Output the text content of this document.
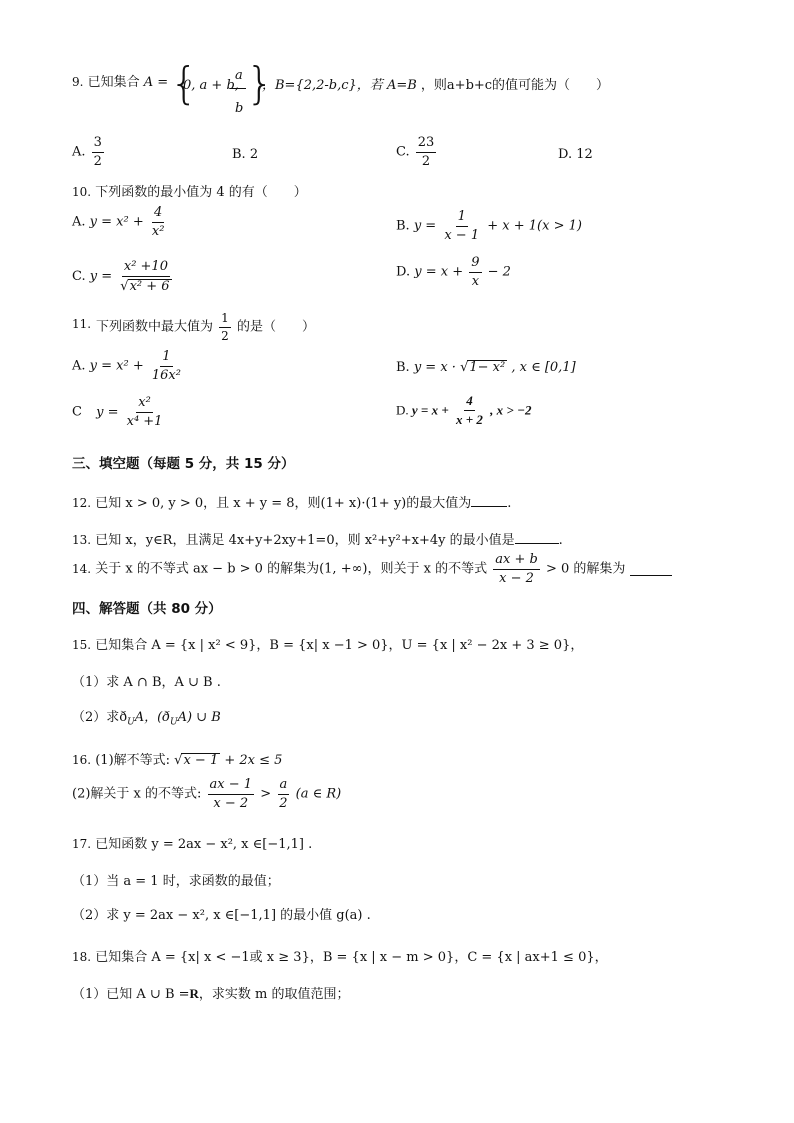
9. 已知集合 A = {
0, a + b,
a
b }
，B={2,2-b,c}，若 A=B ，则a+b+c的值可能为（　　）
A. $\frac{3}{2}$	B. 2	C. $\frac{23}{2}$	D. 12
10. 下列函数的最小值为 4 的有（　　）
A. $y = x^2 + \frac{4}{\text{x²}}$	B. $y = \frac{1}{x - 1} + x + 1(x > 1)$
C. $y = \frac{\text{x² +10}}{\text{√x² + 6}}$	D. $y = x + \frac{9}{x} - 2$
11. 下列函数中最大值为 $\frac{1}{2}$ 的是（　　）
A. $y = x^2 + \frac{1}{\text{16x²}}$	B. y = x · √1− x² , x ∈ [0,1]
C $y = \frac{\text{x²}}{\text{x⁴ +1}}$	D. $y = x + \frac{4}{x + 2}$ , x > −2
三、填空题（每题 5 分，共 15 分）
12. 已知 x > 0, y > 0，且 x + y = 8，则(1+ x)·(1+ y)的最大值为	.
13. 已知 x，y∈R，且满足 4x+y+2xy+1=0，则 x²+y²+x+4y 的最小值是	.
14. 关于 x 的不等式 ax − b > 0 的解集为(1, +∞)，则关于 x 的不等式 $\frac{ax + b}{x - 2} > 0$ 的解集为
四、解答题（共 80 分）
15. 已知集合 A = {x | x² < 9}，B = {x| x −1 > 0}，U = {x | x² − 2x + 3 ≥ 0}，
（1）求 A ∩ B，A ∪ B .
（2）求$ð_UA$，$(ð_UA)$ ∪ B
16. (1)解不等式: √x − 1 + 2x ≤ 5
(2)解关于 x 的不等式: $\frac{ax - 1}{x - 2} > \frac{a}{2} (a$ ∈ R)
17. 已知函数 y = 2ax − x², x ∈[−1,1] .
（1）当 a = 1 时，求函数的最值；
（2）求 y = 2ax − x², x ∈[−1,1] 的最小值 g(a) .
18. 已知集合 A = {x| x < −1或 x ≥ 3}，B = {x | x − m > 0}，C = {x | ax+1 ≤ 0}，
（1）已知 A ∪ B =R，求实数 m 的取值范围；
